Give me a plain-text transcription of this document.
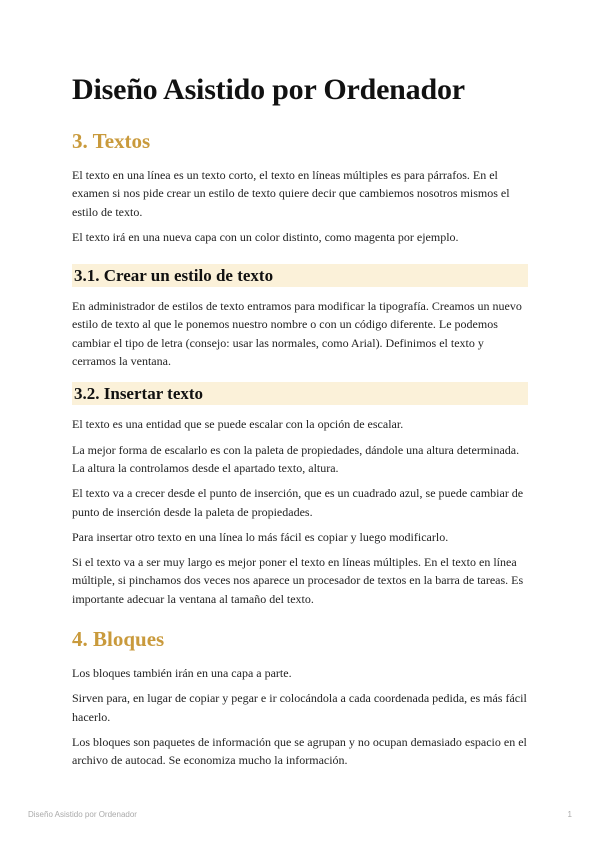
Diseño Asistido por Ordenador
3. Textos

El texto en una línea es un texto corto, el texto en líneas múltiples es para párrafos. En el examen si nos pide crear un estilo de texto quiere decir que cambiemos nosotros mismos el estilo de texto.

El texto irá en una nueva capa con un color distinto, como magenta por ejemplo.

3.1. Crear un estilo de texto

En administrador de estilos de texto entramos para modificar la tipografía. Creamos un nuevo estilo de texto al que le ponemos nuestro nombre o con un código diferente. Le podemos cambiar el tipo de letra (consejo: usar las normales, como Arial). Definimos el texto y cerramos la ventana.

3.2. Insertar texto

El texto es una entidad que se puede escalar con la opción de escalar.

La mejor forma de escalarlo es con la paleta de propiedades, dándole una altura determinada. La altura la controlamos desde el apartado texto, altura.

El texto va a crecer desde el punto de inserción, que es un cuadrado azul, se puede cambiar de punto de inserción desde la paleta de propiedades.

Para insertar otro texto en una línea lo más fácil es copiar y luego modificarlo.

Si el texto va a ser muy largo es mejor poner el texto en líneas múltiples. En el texto en línea múltiple, si pinchamos dos veces nos aparece un procesador de textos en la barra de tareas. Es importante adecuar la ventana al tamaño del texto.

4. Bloques

Los bloques también irán en una capa a parte.

Sirven para, en lugar de copiar y pegar e ir colocándola a cada coordenada pedida, es más fácil hacerlo.

Los bloques son paquetes de información que se agrupan y no ocupan demasiado espacio en el archivo de autocad. Se economiza mucho la información.

Diseño Asistido por Ordenador	1
